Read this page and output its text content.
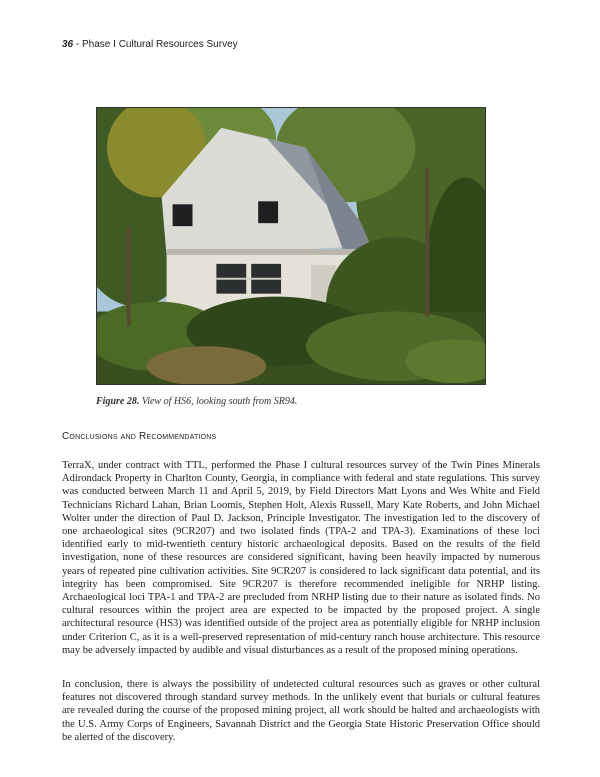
36 - Phase I Cultural Resources Survey
Figure 28. View of HS6, looking south from SR94.
Conclusions and Recommendations

TerraX, under contract with TTL, performed the Phase I cultural resources survey of the Twin Pines Minerals Adirondack Property in Charlton County, Georgia, in compliance with federal and state regulations. This survey was conducted between March 11 and April 5, 2019, by Field Directors Matt Lyons and Wes White and Field Technicians Richard Lahan, Brian Loomis, Stephen Holt, Alexis Russell, Mary Kate Roberts, and John Michael Wolter under the direction of Paul D. Jackson, Principle Investigator. The investigation led to the discovery of one archaeological sites (9CR207) and two isolated finds (TPA-2 and TPA-3). Examinations of these loci identified early to mid-twentieth century historic archaeological deposits. Based on the results of the field investigation, none of these resources are considered significant, having been heavily impacted by numerous years of repeated pine cultivation activities. Site 9CR207 is considered to lack significant data potential, and its integrity has been compromised. Site 9CR207 is therefore recommended ineligible for NRHP listing. Archaeological loci TPA-1 and TPA-2 are precluded from NRHP listing due to their nature as isolated finds. No cultural resources within the project area are expected to be impacted by the proposed project. A single architectural resource (HS3) was identified outside of the project area as potentially eligible for NRHP inclusion under Criterion C, as it is a well-preserved representation of mid-century ranch house architecture. This resource may be adversely impacted by audible and visual disturbances as a result of the proposed mining operations.

In conclusion, there is always the possibility of undetected cultural resources such as graves or other cultural features not discovered through standard survey methods. In the unlikely event that burials or cultural features are revealed during the course of the proposed mining project, all work should be halted and archaeologists with the U.S. Army Corps of Engineers, Savannah District and the Georgia State Historic Preservation Office should be alerted of the discovery.
